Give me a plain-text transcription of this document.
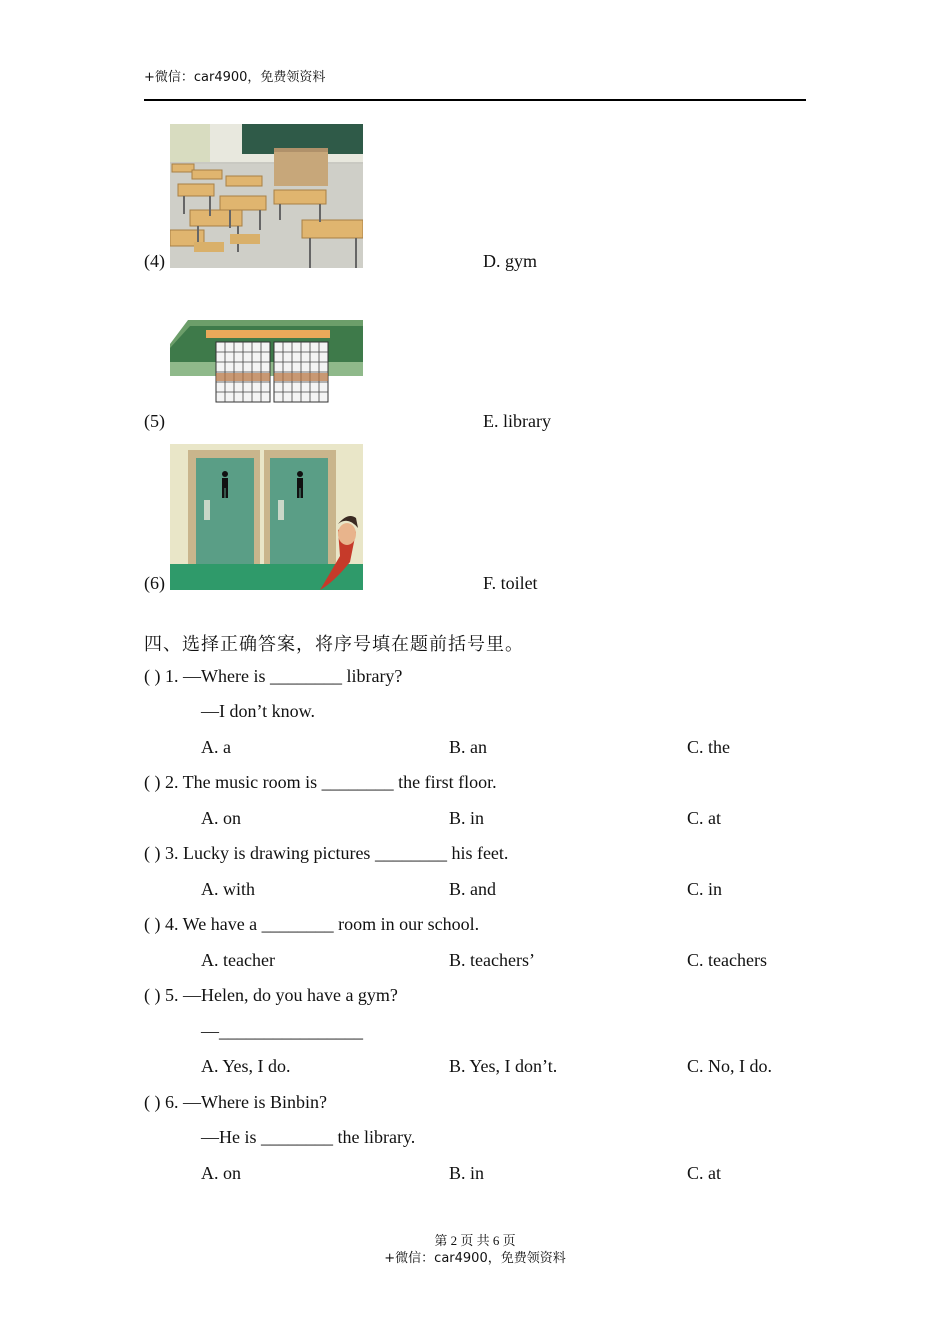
+微信：car4900，免费领资料
(4)	D. gym
(5)	E. library
(6)	F. toilet
四、选择正确答案，将序号填在题前括号里。
( ) 1. —Where is ________ library?
—I don’t know.
A. a	B. an	C. the
( ) 2. The music room is ________ the first floor.
A. on	B. in	C. at
( ) 3. Lucky is drawing pictures ________ his feet.
A. with	B. and	C. in
( ) 4. We have a ________ room in our school.
A. teacher	B. teachers’	C. teachers
( ) 5. —Helen, do you have a gym?
—________________
A. Yes, I do.	B. Yes, I don’t.	C. No, I do.
( ) 6. —Where is Binbin?
—He is ________ the library.
A. on	B. in	C. at
第 2 页 共 6 页
+微信：car4900，免费领资料
